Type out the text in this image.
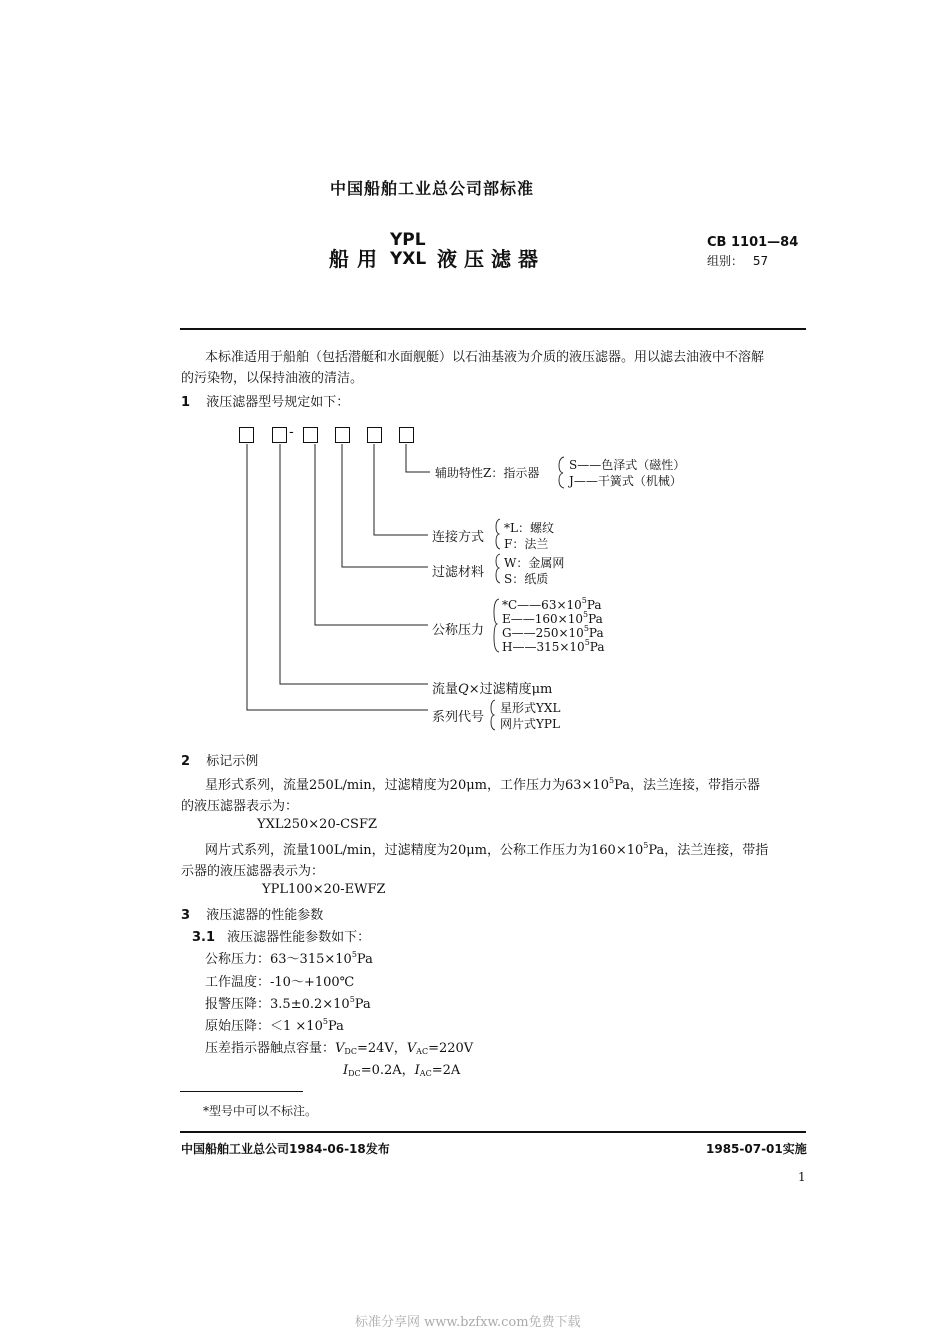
中国船舶工业总公司部标准
船用
YPL
YXL 液压滤器
CB 1101—84
组别： 57
本标准适用于船舶（包括潜艇和水面舰艇）以石油基液为介质的液压滤器。用以滤去油液中不溶解
的污染物，以保持油液的清洁。
1 液压滤器型号规定如下：
-
辅助特性Z：指示器
S——色泽式（磁性）
J——干簧式（机械）
连接方式
*L：螺纹
F：法兰
过滤材料
W：金属网
S：纸质
公称压力
$*C——63\times 10^5Pa$
$E——160\times 10^5Pa$
$G——250\times 10^5Pa$
$H——315\times 10^5Pa$
流量Q×过滤精度μm
系列代号
星形式YXL
网片式YPL
2 标记示例
星形式系列，流量250L/min，过滤精度为20μm，工作压力为$63\times 10^5Pa$，法兰连接，带指示器
的液压滤器表示为：
YXL250×20-CSFZ
网片式系列，流量100L/min，过滤精度为20μm，公称工作压力为$160\times 10^5Pa$，法兰连接，带指
示器的液压滤器表示为：
YPL100×20-EWFZ
3 液压滤器的性能参数
3.1 液压滤器性能参数如下：
公称压力：$63\sim 315\times 10^5Pa$
工作温度：-10～+100℃
报警压降：$3.5\pm 0.2\times 10^5Pa$
原始压降：$<1 \times 10^5Pa$
压差指示器触点容量：$V_{DC}=24V$，$V_{AC}=220V$
$I_{DC}=0.2A$，$I_{AC}=2A$
*型号中可以不标注。
中国船舶工业总公司1984-06-18发布	1985-07-01实施
1
标准分享网 www.bzfxw.com免费下载
